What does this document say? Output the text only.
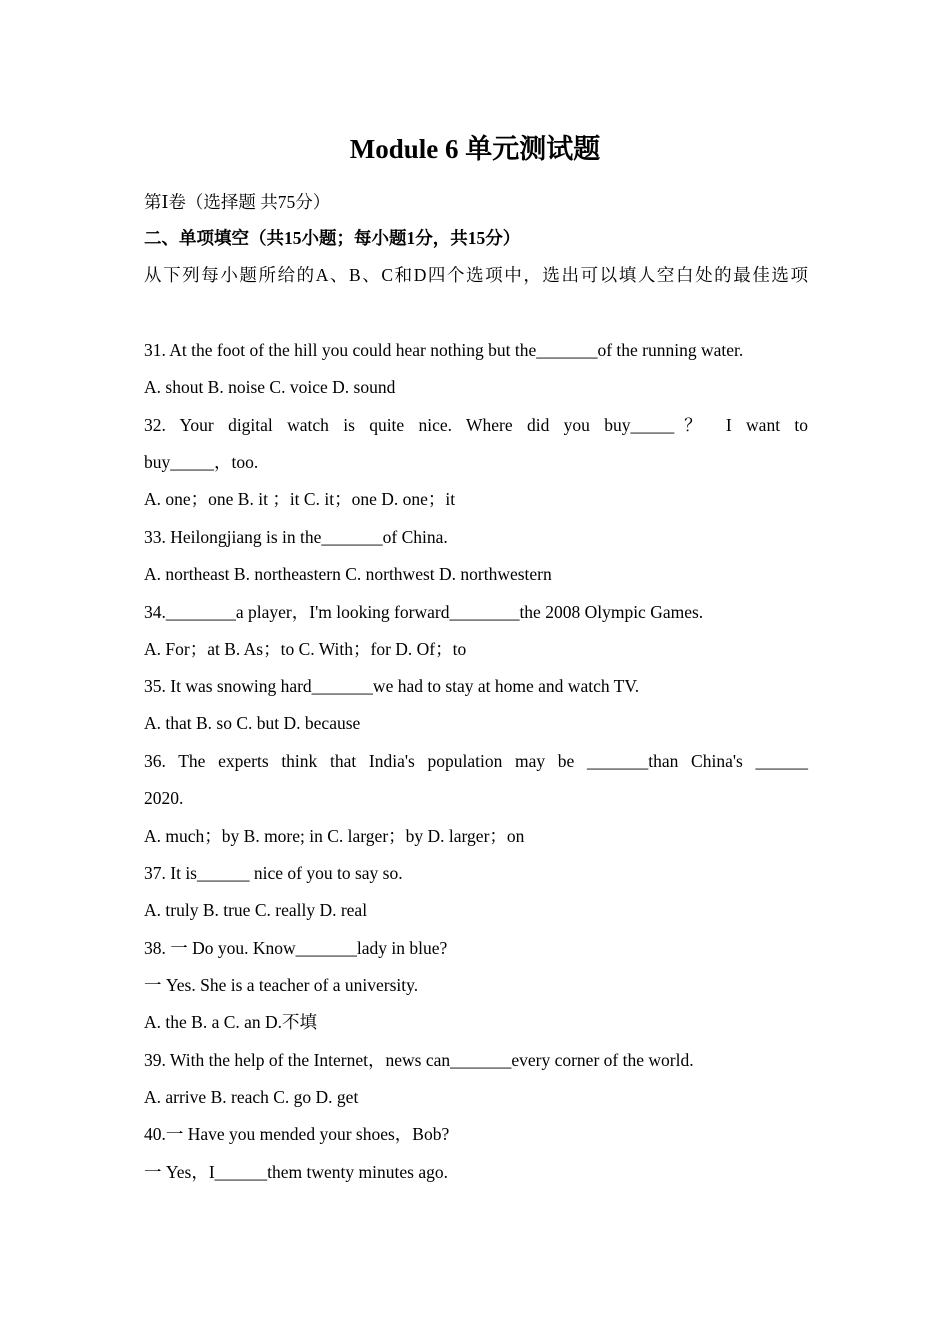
Module 6 单元测试题
第Ⅰ卷（选择题 共75分）
二、单项填空（共15小题；每小题1分，共15分）
从下列每小题所给的A、B、C和D四个选项中，选出可以填人空白处的最佳选项
31. At the foot of the hill you could hear nothing but the_______of the running water.
A. shout B. noise C. voice D. sound
32. Your digital watch is quite nice. Where did you buy_____？ I want to
buy_____，too.
A. one；one B. it ；it C. it；one D. one；it
33. Heilongjiang is in the_______of China.
A. northeast B. northeastern C. northwest D. northwestern
34.________a player，I'm looking forward________the 2008 Olympic Games.
A. For；at B. As；to C. With；for D. Of；to
35. It was snowing hard_______we had to stay at home and watch TV.
A. that B. so C. but D. because
36. The experts think that India's population may be _______than China's ______
2020.
A. much；by B. more; in C. larger；by D. larger；on
37. It is______ nice of you to say so.
A. truly B. true C. really D. real
38. 一 Do you. Know_______lady in blue?
一 Yes. She is a teacher of a university.
A. the B. a C. an D.不填
39. With the help of the Internet，news can_______every corner of the world.
A. arrive B. reach C. go D. get
40.一 Have you mended your shoes，Bob?
一 Yes，I______them twenty minutes ago.
